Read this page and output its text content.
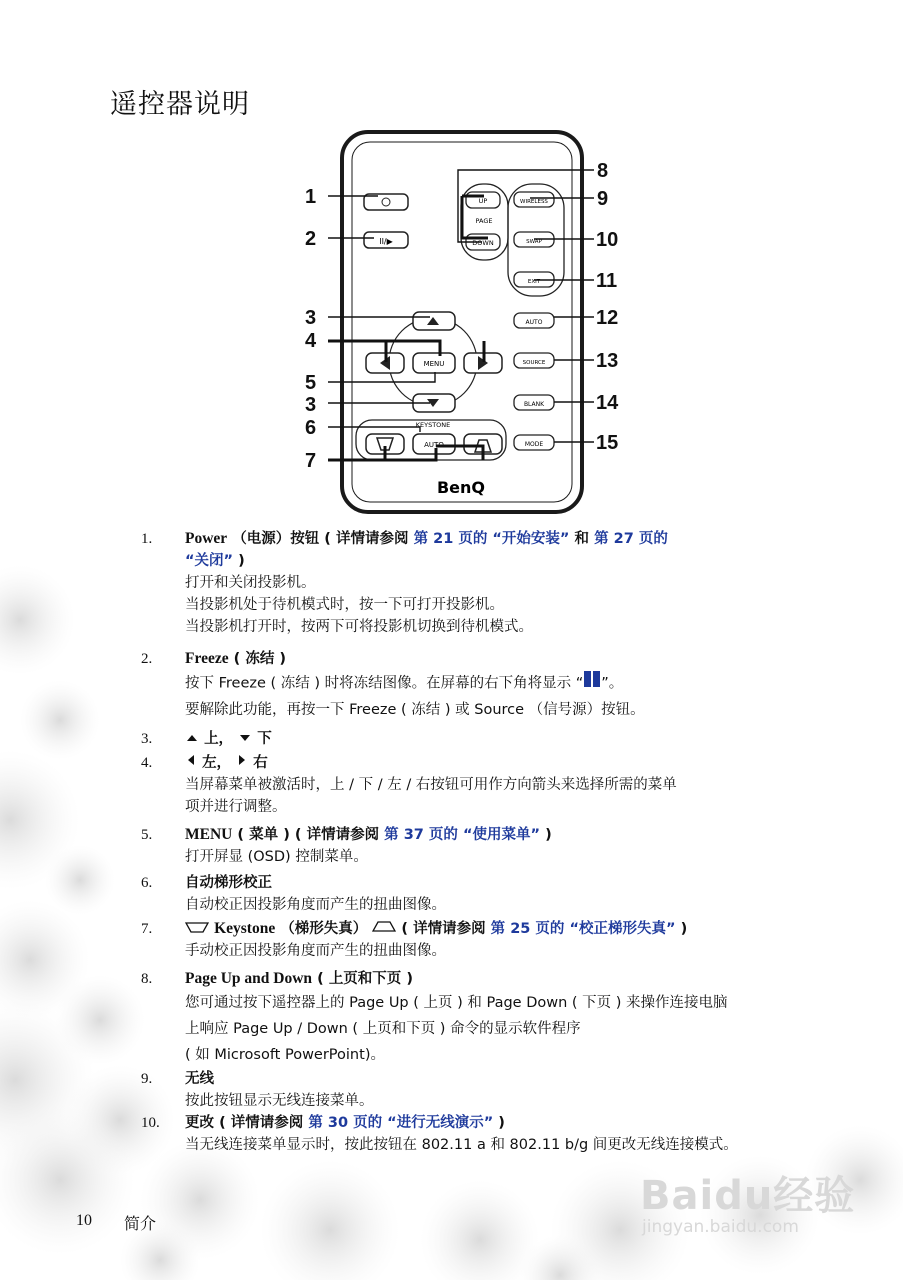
遥控器说明
II/▶
UP
PAGE
DOWN
WIRELESS
SWAP
EXIT
AUTO
SOURCE
BLANK
MODE
MENU
KEYSTONE
AUTO
BenQ
1
2
3
4
5
3
6
7
8
9
10
11
12
13
14
15
1.	Power （电源）按钮 ( 详情请参阅 第 21 页的 “开始安装” 和 第 27 页的
“关闭” )
打开和关闭投影机。
当投影机处于待机模式时，按一下可打开投影机。
当投影机打开时，按两下可将投影机切换到待机模式。
2.	Freeze ( 冻结 )
按下 Freeze ( 冻结 ) 时将冻结图像。在屏幕的右下角将显示 “ ”。
要解除此功能，再按一下 Freeze ( 冻结 ) 或 Source （信号源）按钮。
3.	上， 下
4.	左， 右
当屏幕菜单被激活时，上 / 下 / 左 / 右按钮可用作方向箭头来选择所需的菜单
项并进行调整。
5.	MENU ( 菜单 ) ( 详情请参阅 第 37 页的 “使用菜单” )
打开屏显 (OSD) 控制菜单。
6.	自动梯形校正
自动校正因投影角度而产生的扭曲图像。
7.	Keystone （梯形失真） ( 详情请参阅 第 25 页的 “校正梯形失真” )
手动校正因投影角度而产生的扭曲图像。
8.	Page Up and Down ( 上页和下页 )
您可通过按下遥控器上的 Page Up ( 上页 ) 和 Page Down ( 下页 ) 来操作连接电脑
上响应 Page Up / Down ( 上页和下页 ) 命令的显示软件程序
( 如 Microsoft PowerPoint)。
9.	无线
按此按钮显示无线连接菜单。
10.	更改 ( 详情请参阅 第 30 页的 “进行无线演示” )
当无线连接菜单显示时，按此按钮在 802.11 a 和 802.11 b/g 间更改无线连接模式。
10 简介
Baidu经验
jingyan.baidu.com
